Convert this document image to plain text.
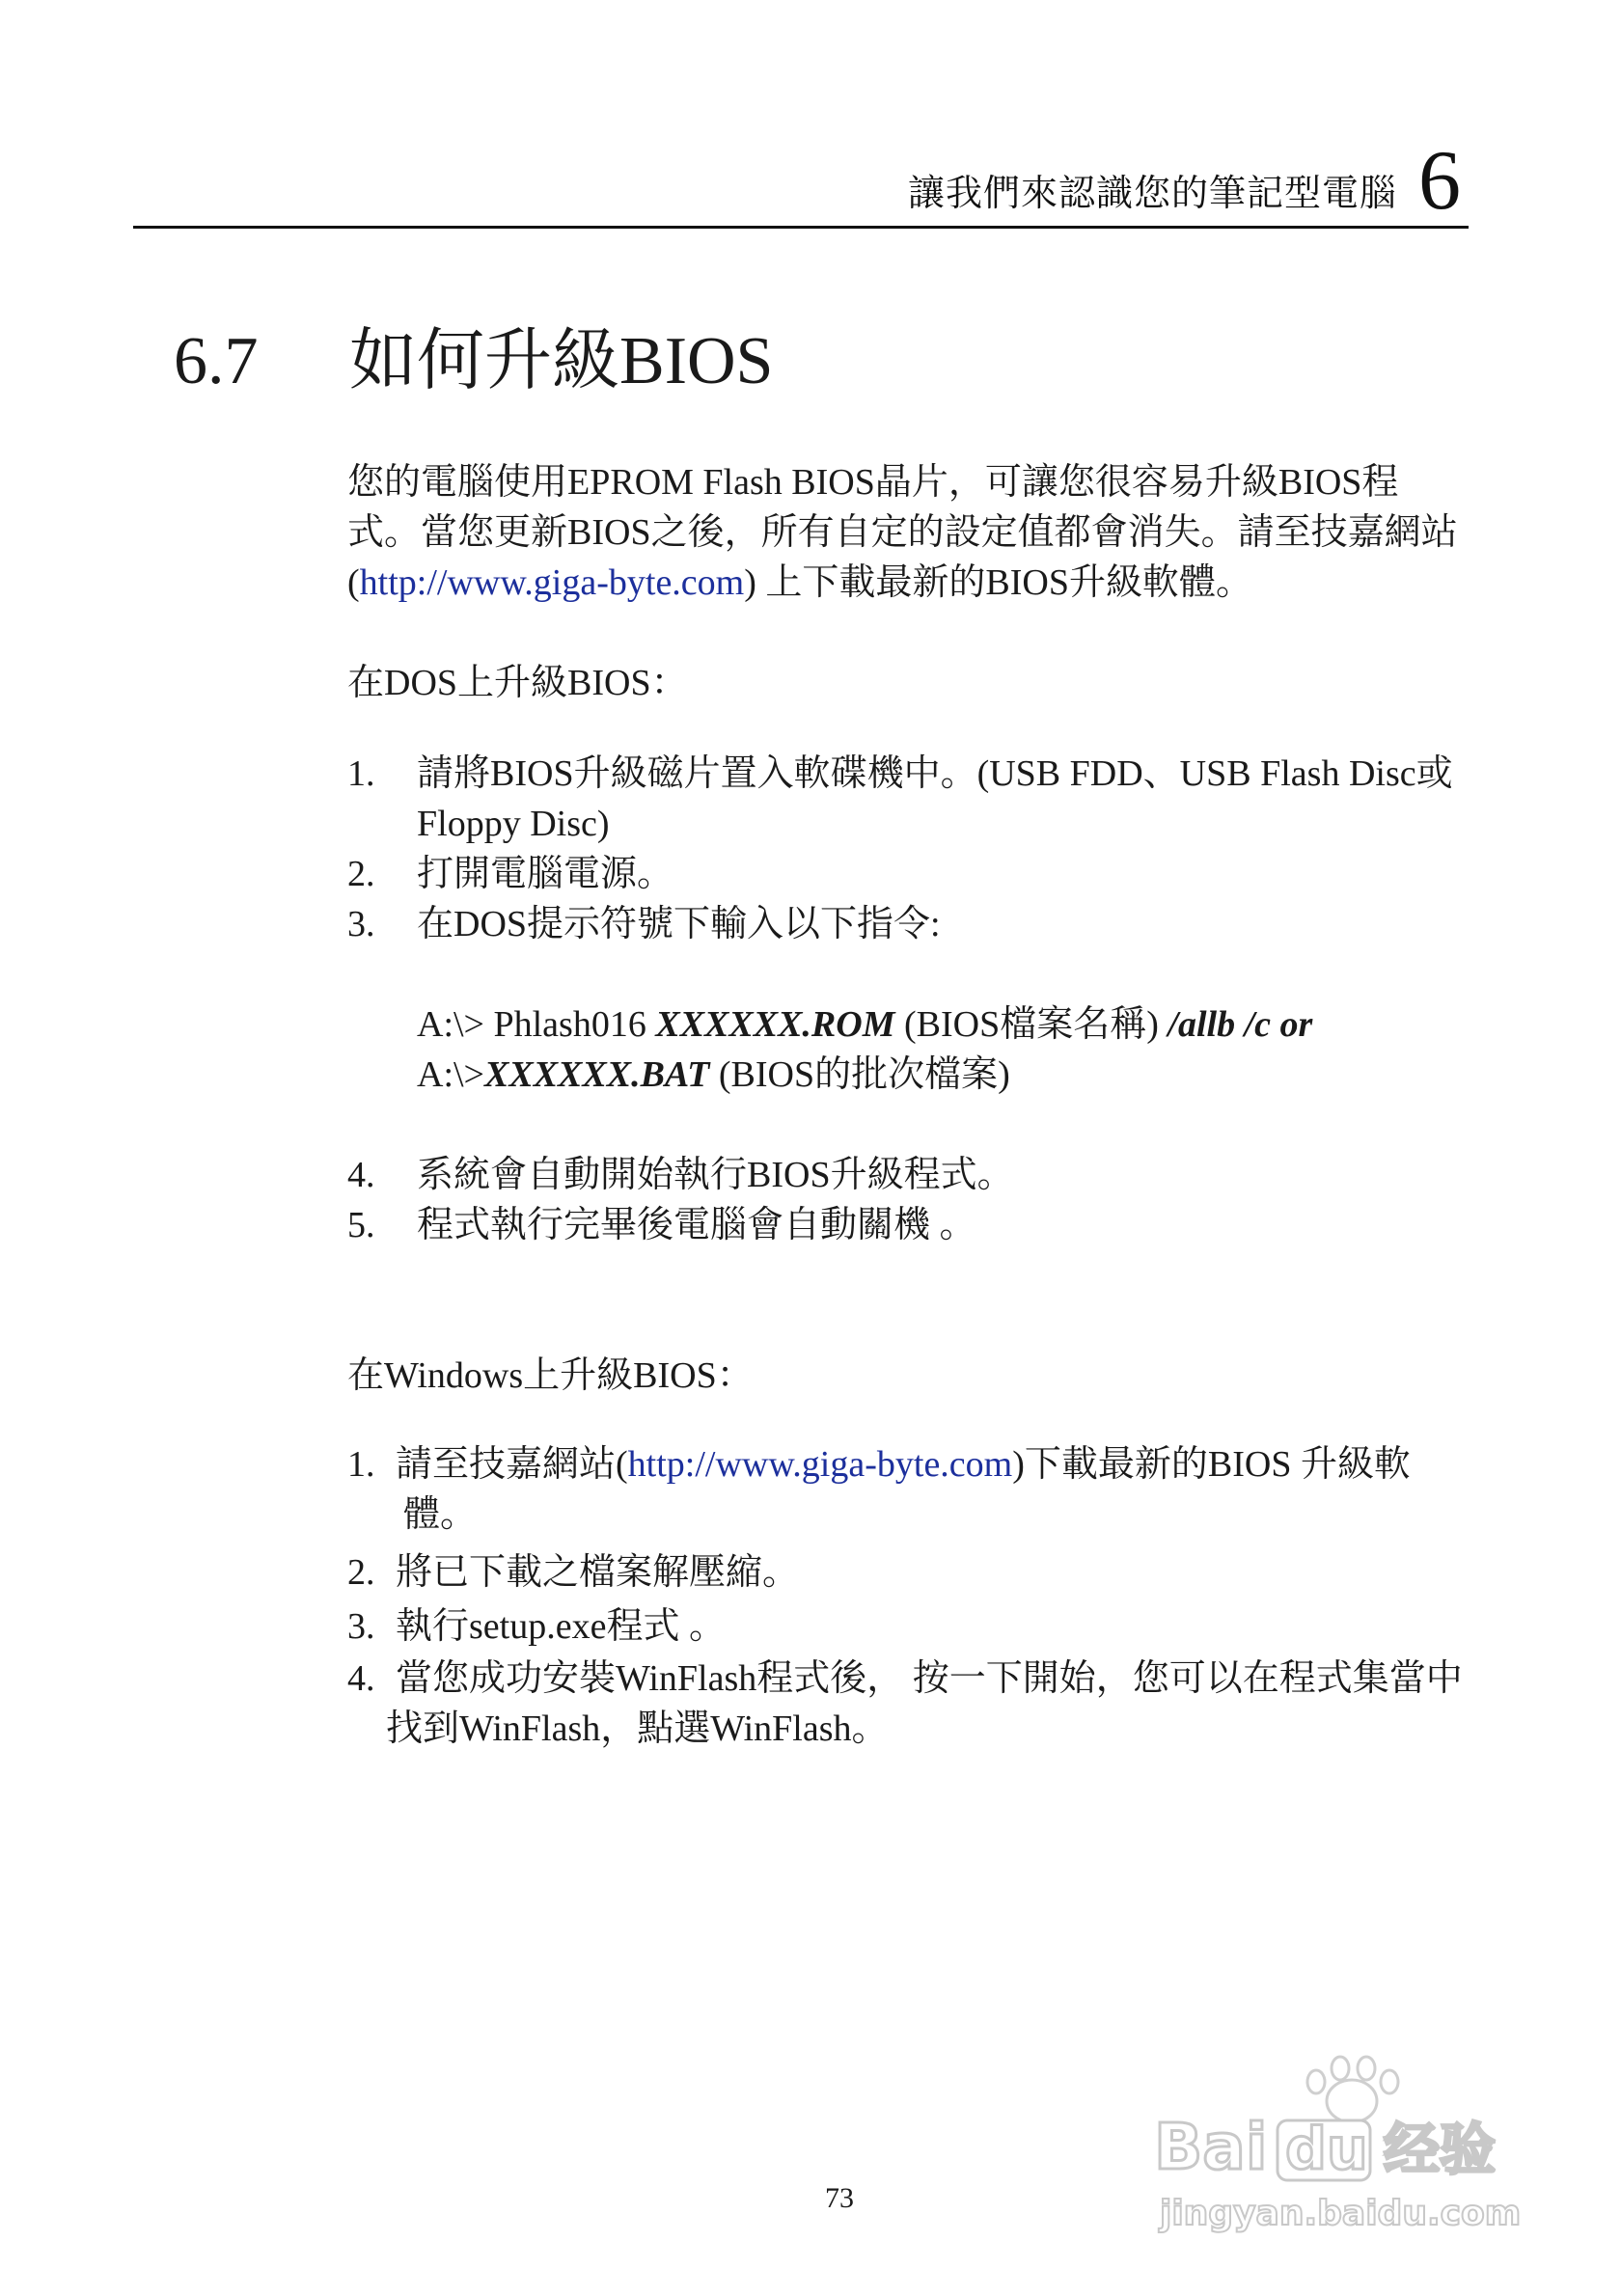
讓我們來認識您的筆記型電腦 6
6.7 如何升級BIOS
您的電腦使用EPROM Flash BIOS晶片，可讓您很容易升級BIOS程
式。當您更新BIOS之後，所有自定的設定值都會消失。請至技嘉網站
(http://www.giga-byte.com) 上下載最新的BIOS升級軟體。
在DOS上升級BIOS：
1. 請將BIOS升級磁片置入軟碟機中。(USB FDD、USB Flash Disc或
Floppy Disc)
2. 打開電腦電源。
3. 在DOS提示符號下輸入以下指令:
A:\> Phlash016 XXXXXX.ROM (BIOS檔案名稱) /allb /c or
A:\>XXXXXX.BAT (BIOS的批次檔案)
4. 系統會自動開始執行BIOS升級程式。
5. 程式執行完畢後電腦會自動關機 。
在Windows上升級BIOS：
1. 請至技嘉網站(http://www.giga-byte.com)下載最新的BIOS 升級軟
體。
2. 將已下載之檔案解壓縮。
3. 執行setup.exe程式 。
4. 當您成功安裝WinFlash程式後， 按一下開始，您可以在程式集當中
找到WinFlash，點選WinFlash。
73
Bai du 经验
jingyan.baidu.com
